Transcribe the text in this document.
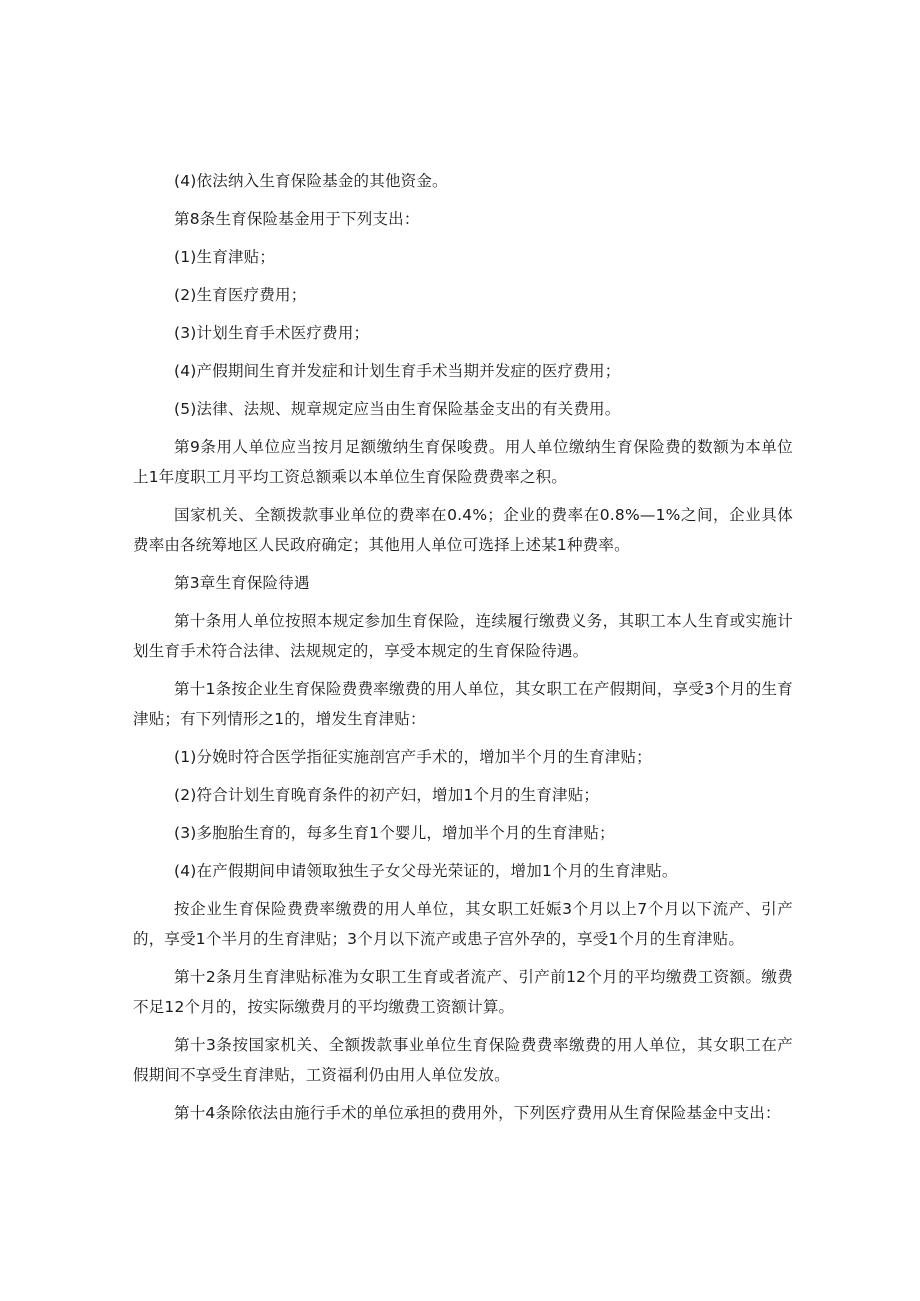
(4)依法纳入生育保险基金的其他资金。

第8条生育保险基金用于下列支出：

(1)生育津贴；

(2)生育医疗费用；

(3)计划生育手术医疗费用；

(4)产假期间生育并发症和计划生育手术当期并发症的医疗费用；

(5)法律、法规、规章规定应当由生育保险基金支出的有关费用。

第9条用人单位应当按月足额缴纳生育保唆费。用人单位缴纳生育保险费的数额为本单位上1年度职工月平均工资总额乘以本单位生育保险费费率之积。

国家机关、全额拨款事业单位的费率在0.4%；企业的费率在0.8%—1%之间，企业具体费率由各统筹地区人民政府确定；其他用人单位可选择上述某1种费率。

第3章生育保险待遇

第十条用人单位按照本规定参加生育保险，连续履行缴费义务，其职工本人生育或实施计划生育手术符合法律、法规规定的，享受本规定的生育保险待遇。

第十1条按企业生育保险费费率缴费的用人单位，其女职工在产假期间，享受3个月的生育津贴；有下列情形之1的，增发生育津贴：

(1)分娩时符合医学指征实施剖宫产手术的，增加半个月的生育津贴；

(2)符合计划生育晚育条件的初产妇，增加1个月的生育津贴；

(3)多胞胎生育的，每多生育1个婴儿，增加半个月的生育津贴；

(4)在产假期间申请领取独生子女父母光荣证的，增加1个月的生育津贴。

按企业生育保险费费率缴费的用人单位，其女职工妊娠3个月以上7个月以下流产、引产的，享受1个半月的生育津贴；3个月以下流产或患子宫外孕的，享受1个月的生育津贴。

第十2条月生育津贴标准为女职工生育或者流产、引产前12个月的平均缴费工资额。缴费不足12个月的，按实际缴费月的平均缴费工资额计算。

第十3条按国家机关、全额拨款事业单位生育保险费费率缴费的用人单位，其女职工在产假期间不享受生育津贴，工资福利仍由用人单位发放。

第十4条除依法由施行手术的单位承担的费用外，下列医疗费用从生育保险基金中支出：
